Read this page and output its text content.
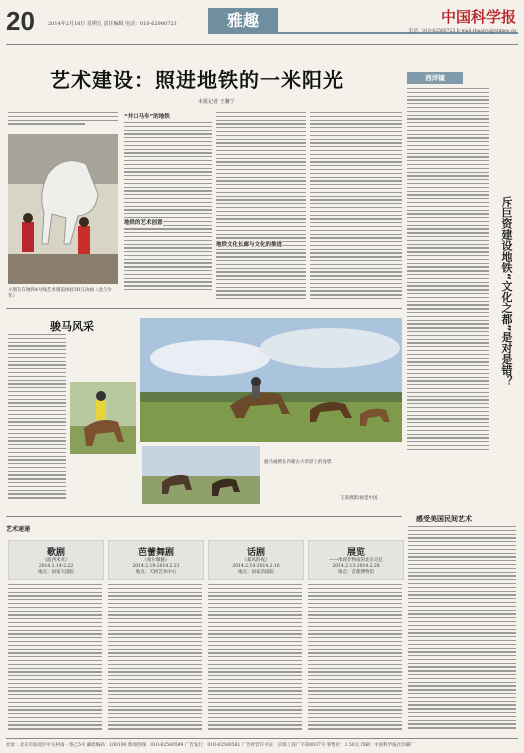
20	2014年2月18日 星期五 责任编辑 电话：010-62980723	雅趣	中国科学报
电话：010-62580723 E-mail:tbaaiyu@stimes.cn
艺术建设：照进地铁的一米阳光
本报记者 王馨宁
小朋友在地铁4号线艺术墙前体验3D互动画《龙与少年》
“井口马车”的地铁
地铁的艺术创意
地铁文化长廊与文化的推进
西洋镜
斥巨资建设地铁“文化之都”是对是错？
骏马风采
骏马驰骋在内蒙古大草原上的身影
王某摄影/视觉中国
艺术速递
歌剧
《波西米亚》
2014.2.14-2.22
地点：国家大剧院
芭蕾舞剧
《希尔薇娅》
2014.2.19-2014.2.21
地点：天桥艺术中心
话剧
《暴风的夜》
2014.2.10-2014.2.16
地点：国家话剧院
展览
——体现非物质的北京记忆
2014.2.13-2014.2.28
地点：首都博物馆
感受美国民间艺术
社址：北京市海淀区中关村南一条乙5号 邮政编码：100190 新闻热线：010-62580599 广告发行：010-62580561 广告经营许可证：京海工商广字第0037号 零售价：1.50元 印刷：中国科学报社印刷厂
